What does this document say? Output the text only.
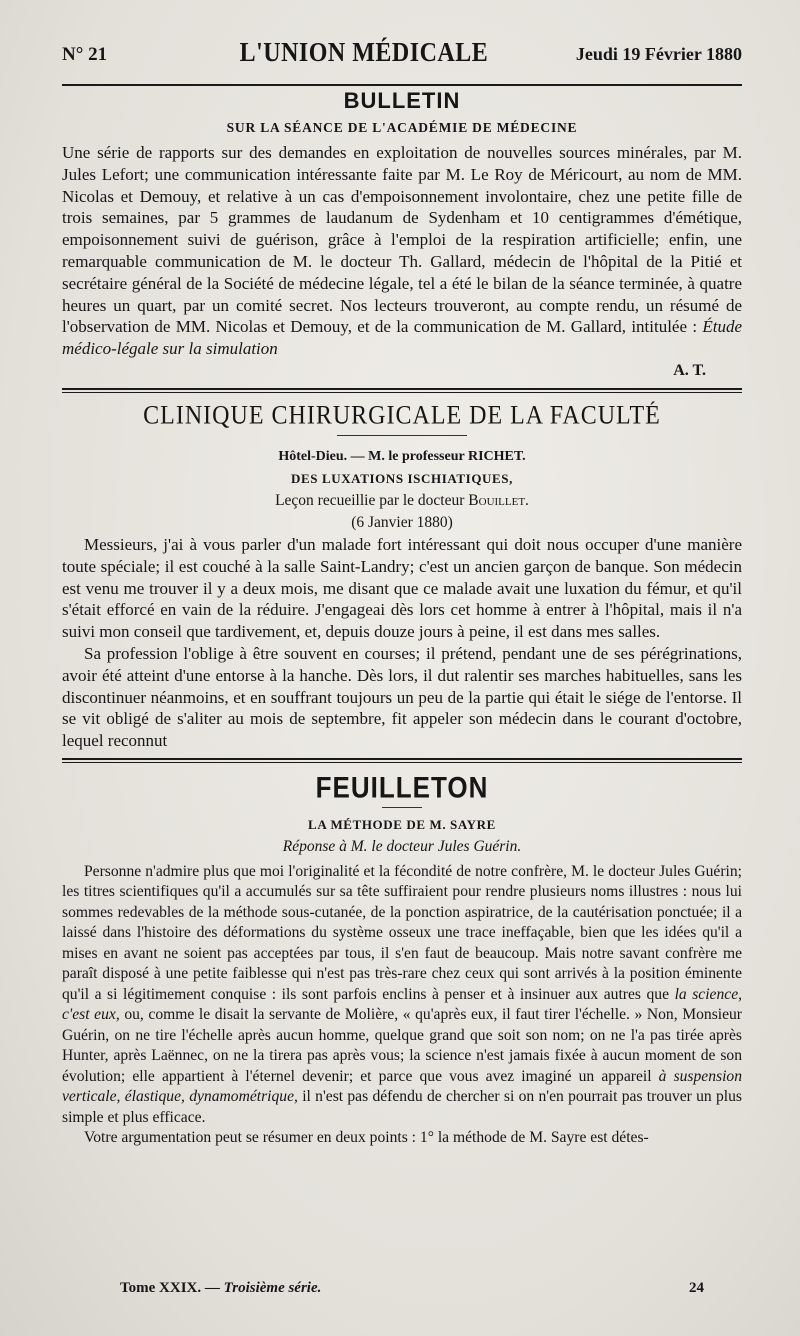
N° 21	L'UNION MÉDICALE	Jeudi 19 Février 1880
BULLETIN
SUR LA SÉANCE DE L'ACADÉMIE DE MÉDECINE

Une série de rapports sur des demandes en exploitation de nouvelles sources minérales, par M. Jules Lefort; une communication intéressante faite par M. Le Roy de Méricourt, au nom de MM. Nicolas et Demouy, et relative à un cas d'empoisonnement involontaire, chez une petite fille de trois semaines, par 5 grammes de laudanum de Sydenham et 10 centigrammes d'émétique, empoisonnement suivi de guérison, grâce à l'emploi de la respiration artificielle; enfin, une remarquable communication de M. le docteur Th. Gallard, médecin de l'hôpital de la Pitié et secrétaire général de la Société de médecine légale, tel a été le bilan de la séance terminée, à quatre heures un quart, par un comité secret. Nos lecteurs trouveront, au compte rendu, un résumé de l'observation de MM. Nicolas et Demouy, et de la communication de M. Gallard, intitulée : Étude médico-légale sur la simulation

A. T.
CLINIQUE CHIRURGICALE DE LA FACULTÉ
Hôtel-Dieu. — M. le professeur RICHET.
DES LUXATIONS ISCHIATIQUES,
Leçon recueillie par le docteur Bouillet.
(6 Janvier 1880)

Messieurs, j'ai à vous parler d'un malade fort intéressant qui doit nous occuper d'une manière toute spéciale; il est couché à la salle Saint-Landry; c'est un ancien garçon de banque. Son médecin est venu me trouver il y a deux mois, me disant que ce malade avait une luxation du fémur, et qu'il s'était efforcé en vain de la réduire. J'engageai dès lors cet homme à entrer à l'hôpital, mais il n'a suivi mon conseil que tardivement, et, depuis douze jours à peine, il est dans mes salles.

Sa profession l'oblige à être souvent en courses; il prétend, pendant une de ses pérégrinations, avoir été atteint d'une entorse à la hanche. Dès lors, il dut ralentir ses marches habituelles, sans les discontinuer néanmoins, et en souffrant toujours un peu de la partie qui était le siége de l'entorse. Il se vit obligé de s'aliter au mois de septembre, fit appeler son médecin dans le courant d'octobre, lequel reconnut

FEUILLETON
LA MÉTHODE DE M. SAYRE
Réponse à M. le docteur Jules Guérin.

Personne n'admire plus que moi l'originalité et la fécondité de notre confrère, M. le docteur Jules Guérin; les titres scientifiques qu'il a accumulés sur sa tête suffiraient pour rendre plusieurs noms illustres : nous lui sommes redevables de la méthode sous-cutanée, de la ponction aspiratrice, de la cautérisation ponctuée; il a laissé dans l'histoire des déformations du système osseux une trace ineffaçable, bien que les idées qu'il a mises en avant ne soient pas acceptées par tous, il s'en faut de beaucoup. Mais notre savant confrère me paraît disposé à une petite faiblesse qui n'est pas très-rare chez ceux qui sont arrivés à la position éminente qu'il a si légitimement conquise : ils sont parfois enclins à penser et à insinuer aux autres que la science, c'est eux, ou, comme le disait la servante de Molière, « qu'après eux, il faut tirer l'échelle. » Non, Monsieur Guérin, on ne tire l'échelle après aucun homme, quelque grand que soit son nom; on ne l'a pas tirée après Hunter, après Laënnec, on ne la tirera pas après vous; la science n'est jamais fixée à aucun moment de son évolution; elle appartient à l'éternel devenir; et parce que vous avez imaginé un appareil à suspension verticale, élastique, dynamométrique, il n'est pas défendu de chercher si on n'en pourrait pas trouver un plus simple et plus efficace.

Votre argumentation peut se résumer en deux points : 1° la méthode de M. Sayre est détes-

Tome XXIX. — Troisième série.	24
